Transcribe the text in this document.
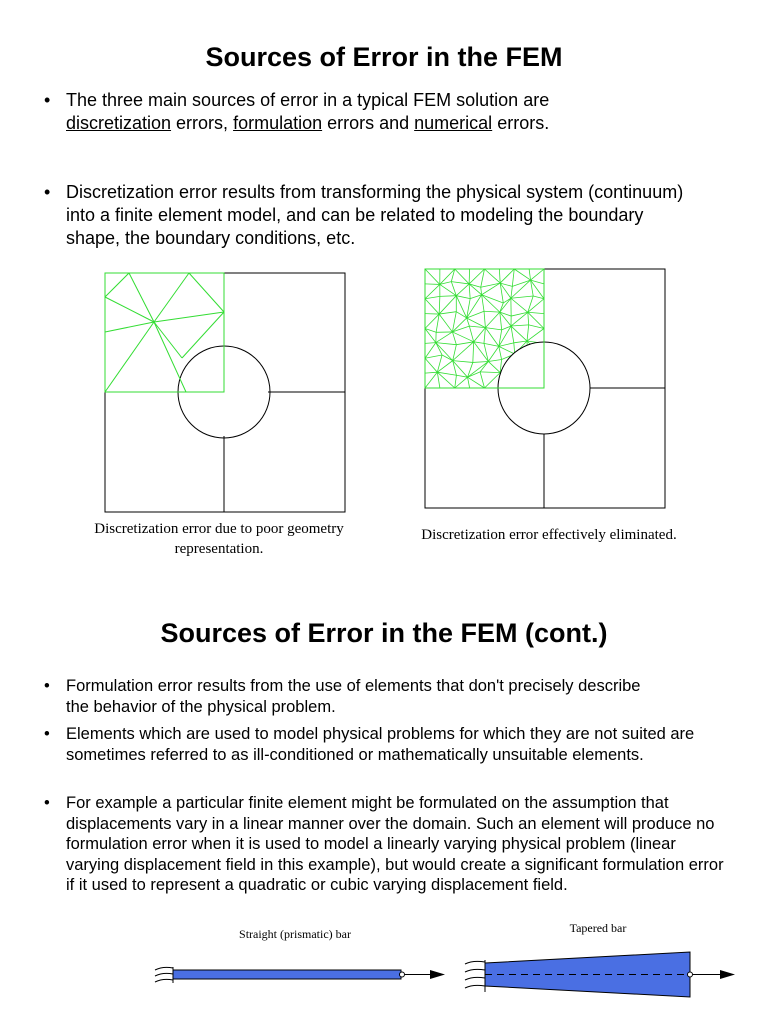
Sources of Error in the FEM
• The three main sources of error in a typical FEM solution are
discretization errors, formulation errors and numerical errors.
• Discretization error results from transforming the physical system (continuum) into a finite element model, and can be related to modeling the boundary shape, the boundary conditions, etc.
Discretization error due to poor geometry representation.
Discretization error effectively eliminated.
Sources of Error in the FEM (cont.)
• Formulation error results from the use of elements that don't precisely describe the behavior of the physical problem.
• Elements which are used to model physical problems for which they are not suited are sometimes referred to as ill-conditioned or mathematically unsuitable elements.
• For example a particular finite element might be formulated on the assumption that displacements vary in a linear manner over the domain. Such an element will produce no formulation error when it is used to model a linearly varying physical problem (linear varying displacement field in this example), but would create a significant formulation error if it used to represent a quadratic or cubic varying displacement field.
Straight (prismatic) bar	Tapered bar
